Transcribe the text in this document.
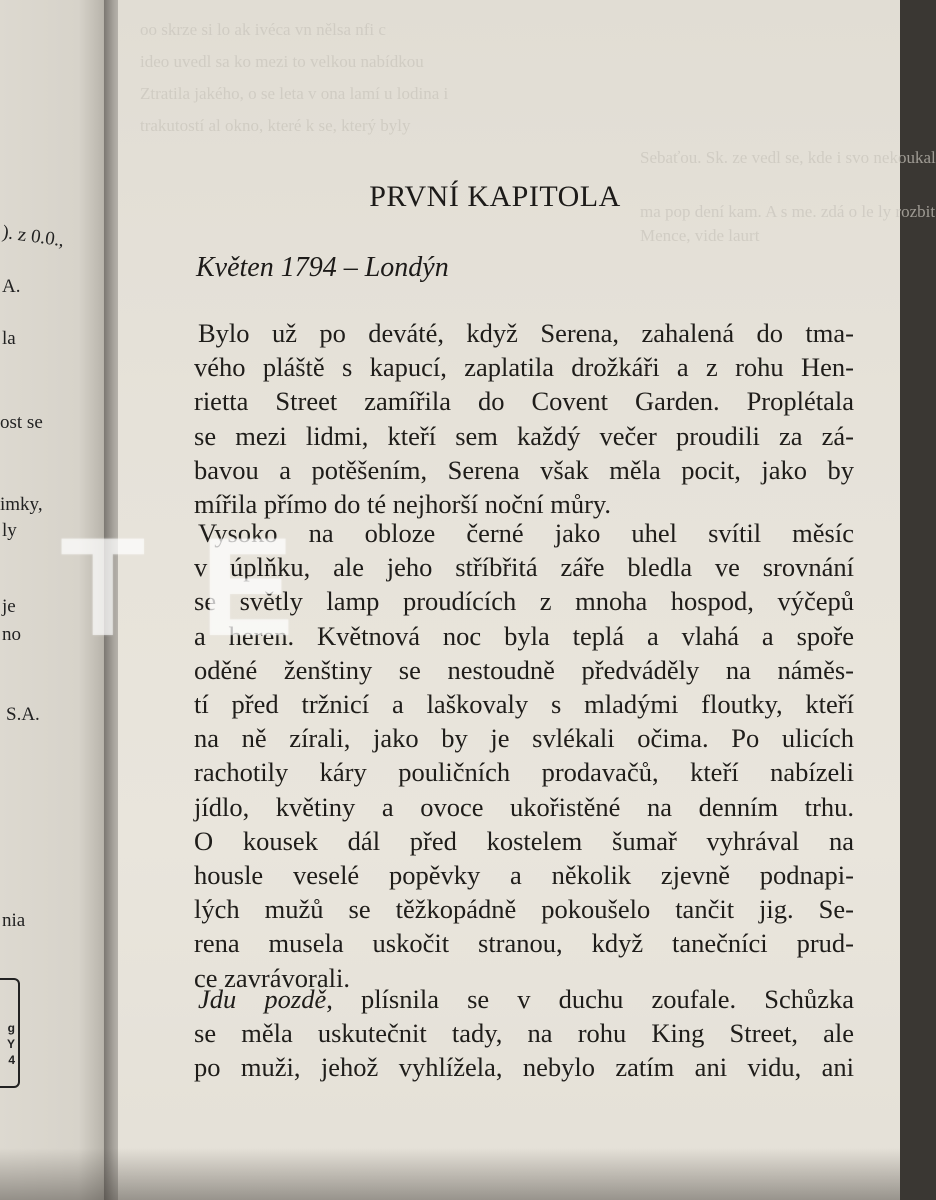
). z 0.0.,
A.
la
ost se
imky,
ly
je
no
S.A.
nia
g
Y
4
oo skrze si lo ak ivéca vn nělsa nfi c
ideo uvedl sa ko mezi to velkou nabídkou
Ztratila jakého, o se leta v ona lamí u lodina i
trakutostí al okno, které k se, který byly
Sebaťou. Sk. ze vedl se, kde i svo nekoukal
ma pop dení kam. A s me. zdá o le ly rozbit
Mence, vide laurt
PRVNÍ KAPITOLA
Květen 1794 – Londýn
Bylo už po deváté, když Serena, zahalená do tma-
vého pláště s kapucí, zaplatila drožkáři a z rohu Hen-
rietta Street zamířila do Covent Garden. Proplétala
se mezi lidmi, kteří sem každý večer proudili za zá-
bavou a potěšením, Serena však měla pocit, jako by
mířila přímo do té nejhorší noční můry.
Vysoko na obloze černé jako uhel svítil měsíc
v úplňku, ale jeho stříbřitá záře bledla ve srovnání
se světly lamp proudících z mnoha hospod, výčepů
a heren. Květnová noc byla teplá a vlahá a spoře
oděné ženštiny se nestoudně předváděly na náměs-
tí před tržnicí a laškovaly s mladými floutky, kteří
na ně zírali, jako by je svlékali očima. Po ulicích
rachotily káry pouličních prodavačů, kteří nabízeli
jídlo, květiny a ovoce ukořistěné na denním trhu.
O kousek dál před kostelem šumař vyhrával na
housle veselé popěvky a několik zjevně podnapi-
lých mužů se těžkopádně pokoušelo tančit jig. Se-
rena musela uskočit stranou, když tanečníci prud-
ce zavrávorali.
Jdu pozdě, plísnila se v duchu zoufale. Schůzka
se měla uskutečnit tady, na rohu King Street, ale
po muži, jehož vyhlížela, nebylo zatím ani vidu, ani
T E
